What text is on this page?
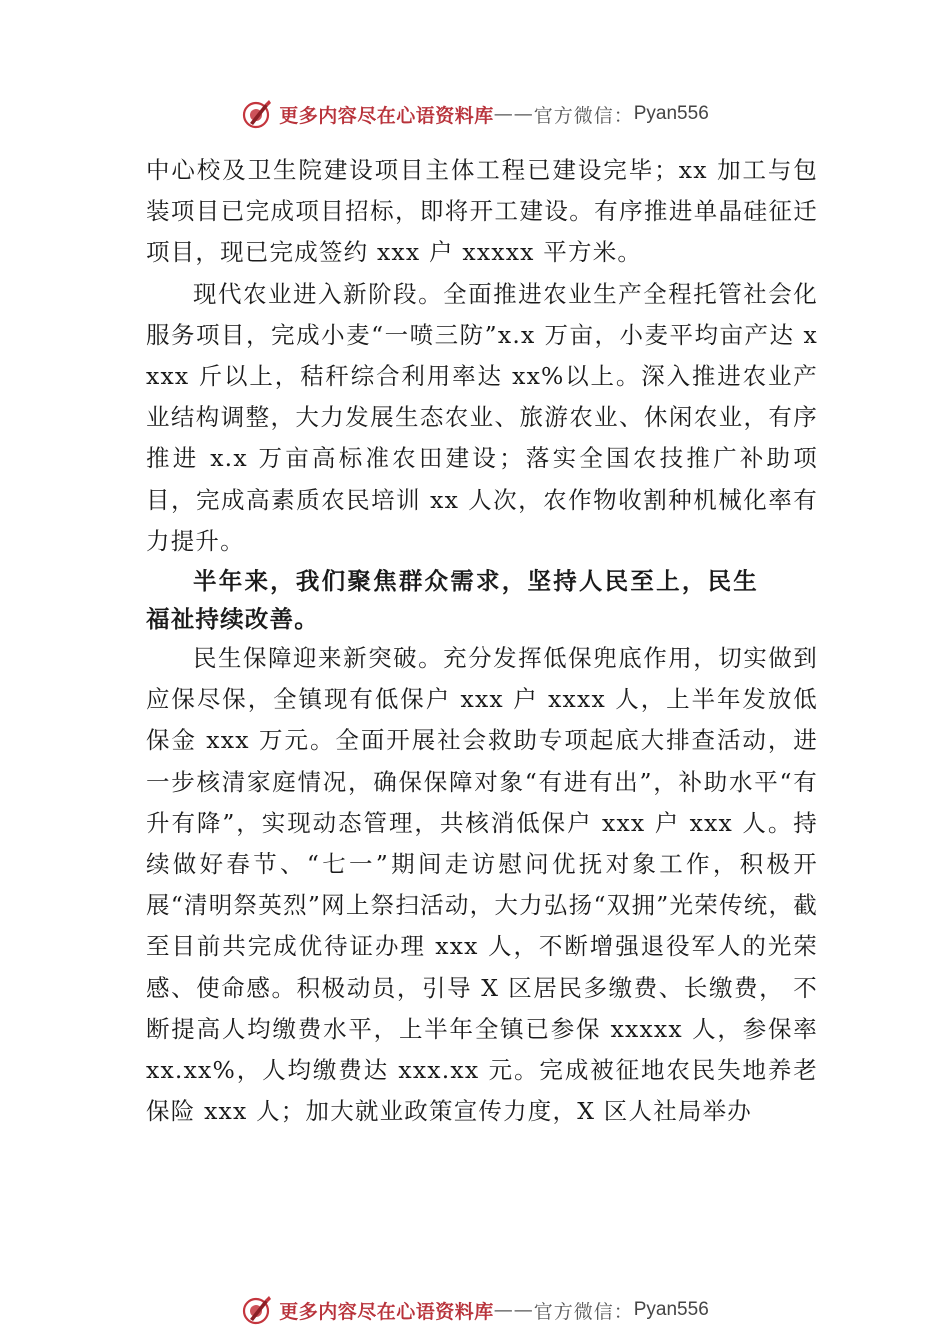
更多内容尽在心语资料库 —— 官方微信： Pyan556

中心校及卫生院建设项目主体工程已建设完毕；xx 加工与包装项目已完成项目招标，即将开工建设。有序推进单晶硅征迁项目，现已完成签约 xxx 户 xxxxx 平方米。

现代农业进入新阶段。全面推进农业生产全程托管社会化服务项目，完成小麦“一喷三防”x.x 万亩，小麦平均亩产达 xxxx 斤以上，秸秆综合利用率达 xx%以上。深入推进农业产业结构调整，大力发展生态农业、旅游农业、休闲农业，有序推进 x.x 万亩高标准农田建设；落实全国农技推广补助项目，完成高素质农民培训 xx 人次，农作物收割种机械化率有力提升。

半年来，我们聚焦群众需求，坚持人民至上，民生福祉持续改善。

民生保障迎来新突破。充分发挥低保兜底作用，切实做到应保尽保，全镇现有低保户 xxx 户 xxxx 人，上半年发放低保金 xxx 万元。全面开展社会救助专项起底大排查活动，进一步核清家庭情况，确保保障对象“有进有出”，补助水平“有升有降”，实现动态管理，共核消低保户 xxx 户 xxx 人。持续做好春节、“七一”期间走访慰问优抚对象工作，积极开展“清明祭英烈”网上祭扫活动，大力弘扬“双拥”光荣传统，截至目前共完成优待证办理 xxx 人，不断增强退役军人的光荣感、使命感。积极动员，引导 X 区居民多缴费、长缴费， 不断提高人均缴费水平，上半年全镇已参保 xxxxx 人，参保率 xx.xx%，人均缴费达 xxx.xx 元。完成被征地农民失地养老保险 xxx 人；加大就业政策宣传力度，X 区人社局举办

更多内容尽在心语资料库 —— 官方微信： Pyan556
